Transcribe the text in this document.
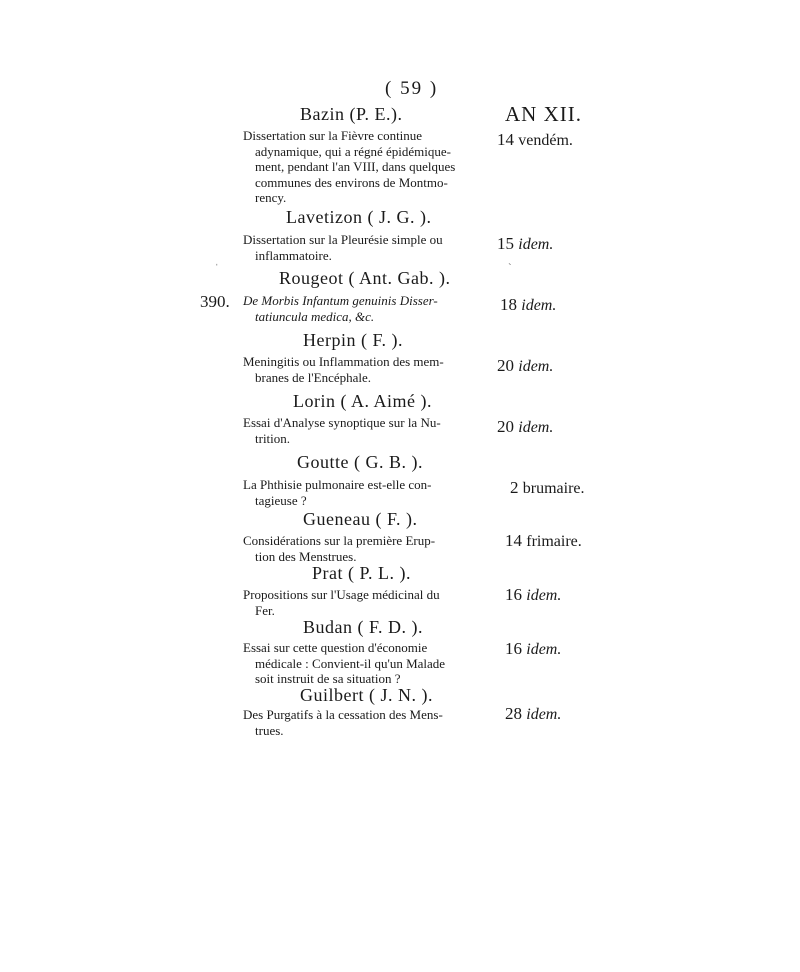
( 59 )
AN XII.
390.
Bazin (P. E.).

Dissertation sur la Fièvre continue
adynamique, qui a régné épidémique-
ment, pendant l'an VIII, dans quelques
communes des environs de Montmo-
rency.

14 vendém.
Lavetizon ( J. G. ).

Dissertation sur la Pleurésie simple ou
inflammatoire.

15 idem.
Rougeot ( Ant. Gab. ).

De Morbis Infantum genuinis Disser-
tatiuncula medica, &c.

18 idem.
Herpin ( F. ).

Meningitis ou Inflammation des mem-
branes de l'Encéphale.

20 idem.
Lorin ( A. Aimé ).

Essai d'Analyse synoptique sur la Nu-
trition.

20 idem.
Goutte ( G. B. ).

La Phthisie pulmonaire est-elle con-
tagieuse ?

2 brumaire.
Gueneau ( F. ).

Considérations sur la première Erup-
tion des Menstrues.

14 frimaire.
Prat ( P. L. ).

Propositions sur l'Usage médicinal du
Fer.

16 idem.
Budan ( F. D. ).

Essai sur cette question d'économie
médicale : Convient-il qu'un Malade
soit instruit de sa situation ?

16 idem.
Guilbert ( J. N. ).

Des Purgatifs à la cessation des Mens-
trues.

28 idem.
ˈ	ˋ
